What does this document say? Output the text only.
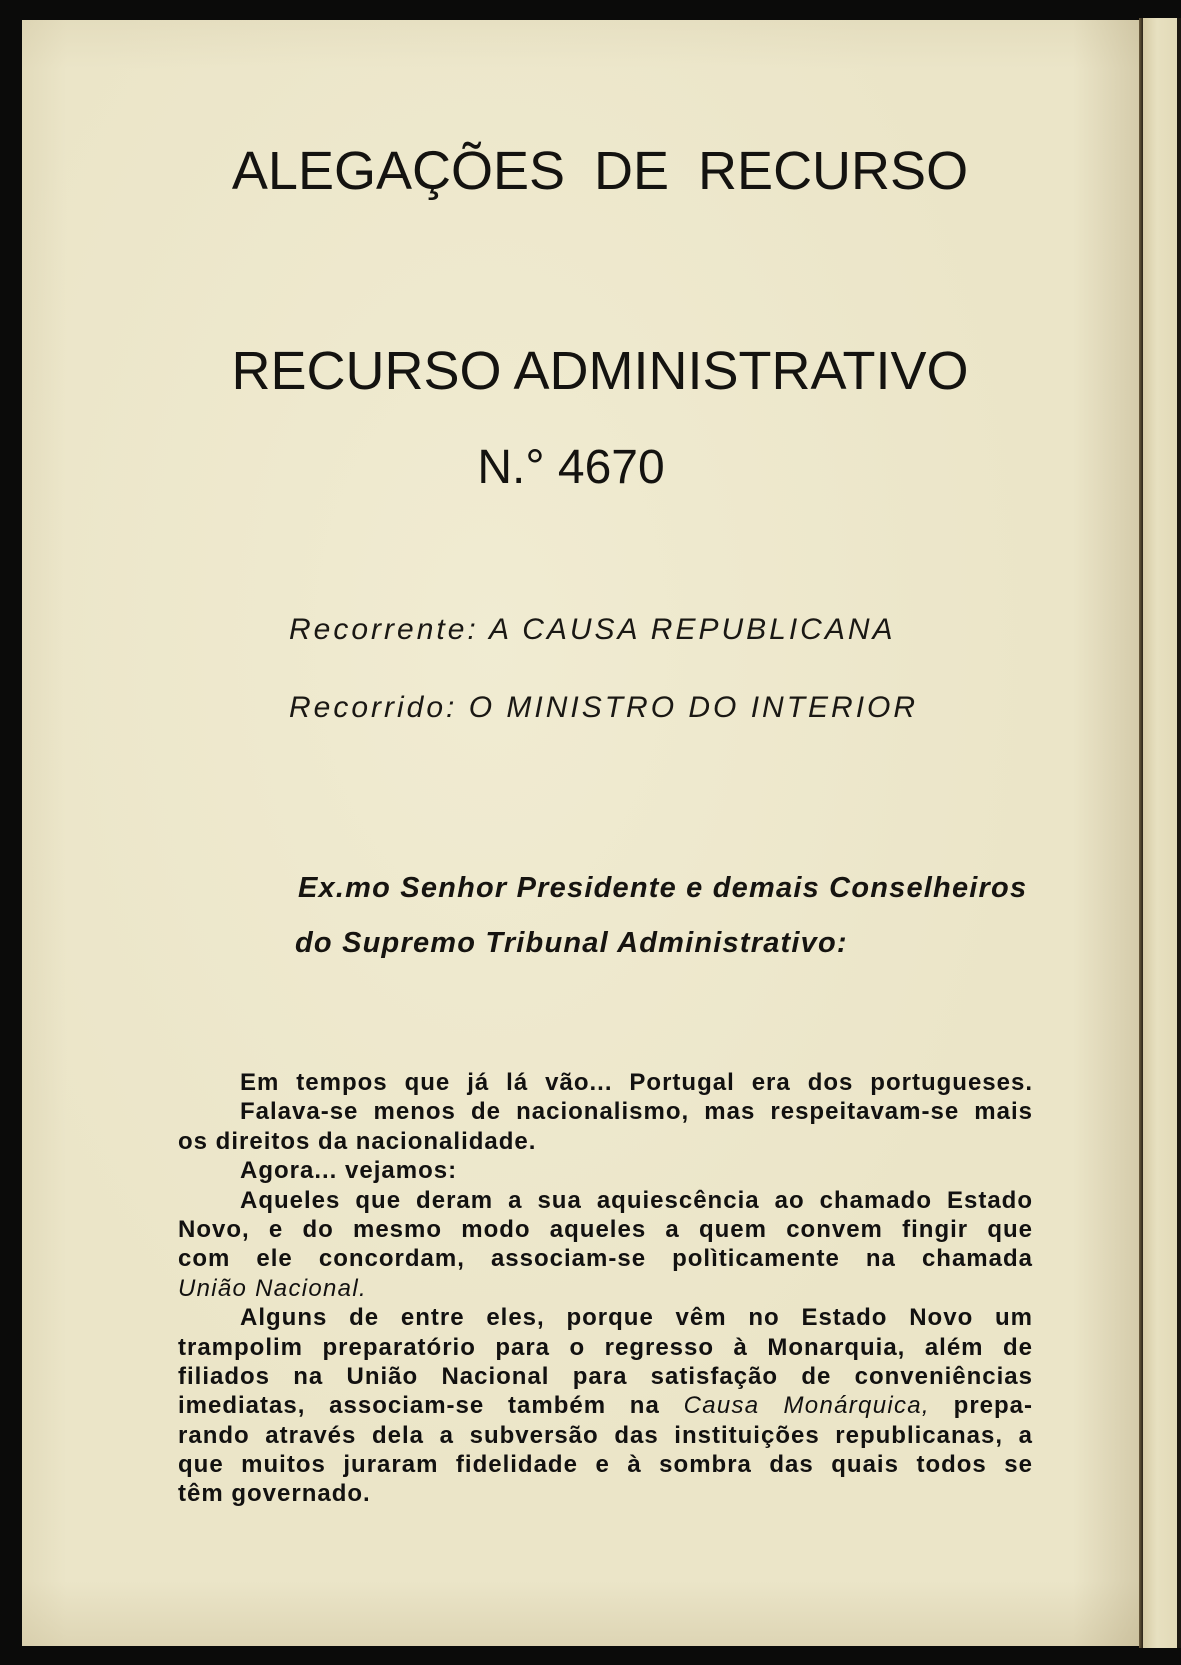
ALEGAÇÕES DE RECURSO
RECURSO ADMINISTRATIVO
N.° 4670
Recorrente: A CAUSA REPUBLICANA
Recorrido: O MINISTRO DO INTERIOR
Ex.mo Senhor Presidente e demais Conselheiros
do Supremo Tribunal Administrativo:
Em tempos que já lá vão... Portugal era dos portugueses.
Falava-se menos de nacionalismo, mas respeitavam-se mais
os direitos da nacionalidade.
Agora... vejamos:
Aqueles que deram a sua aquiescência ao chamado Estado
Novo, e do mesmo modo aqueles a quem convem fingir que
com ele concordam, associam-se polìticamente na chamada
União Nacional.
Alguns de entre eles, porque vêm no Estado Novo um
trampolim preparatório para o regresso à Monarquia, além de
filiados na União Nacional para satisfação de conveniências
imediatas, associam-se também na Causa Monárquica, prepa-
rando através dela a subversão das instituições republicanas, a
que muitos juraram fidelidade e à sombra das quais todos se
têm governado.
